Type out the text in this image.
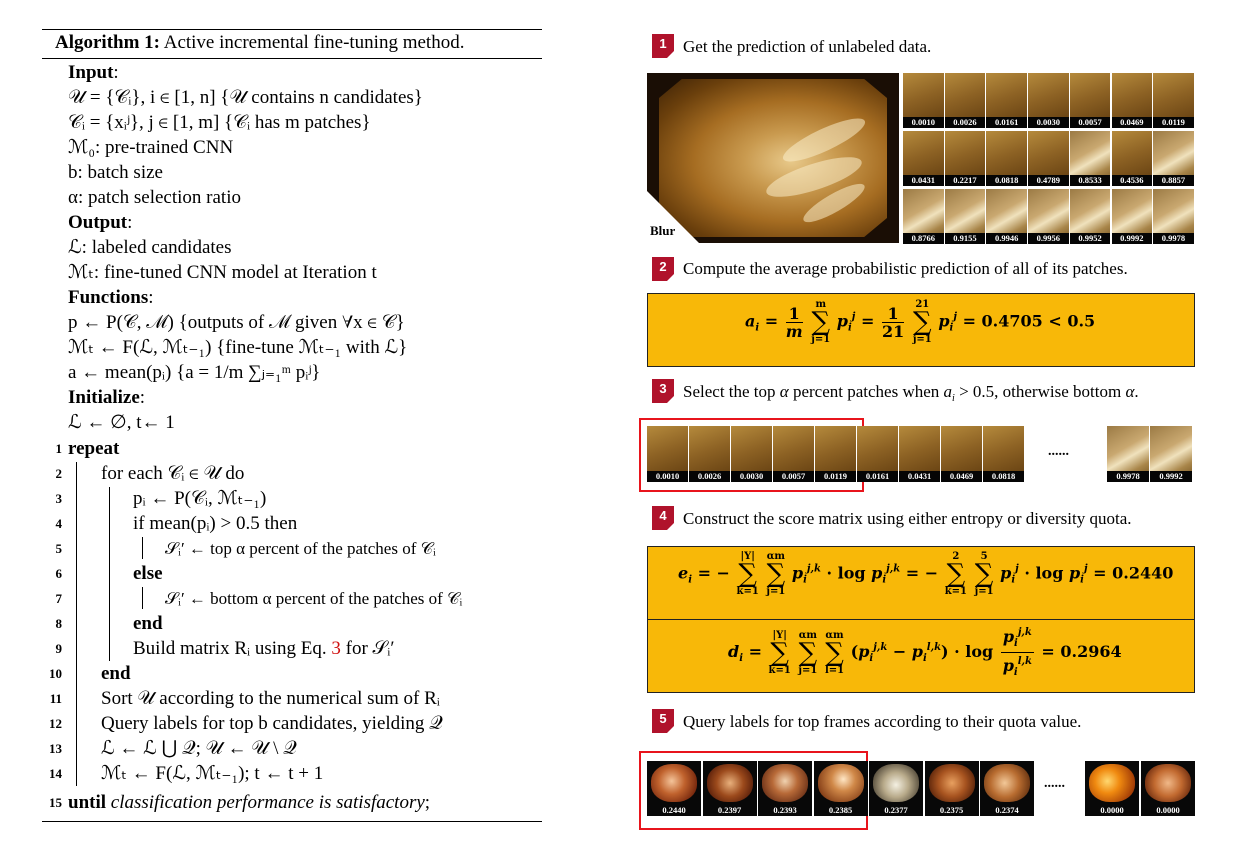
Algorithm 1: Active incremental fine-tuning method.
Input:
𝒰 = {𝒞ᵢ}, i ∈ [1, n] {𝒰 contains n candidates}
𝒞ᵢ = {xᵢʲ}, j ∈ [1, m] {𝒞ᵢ has m patches}
ℳ₀: pre-trained CNN
b: batch size
α: patch selection ratio
Output:
ℒ: labeled candidates
ℳₜ: fine-tuned CNN model at Iteration t
Functions:
p ← P(𝒞, ℳ) {outputs of ℳ given ∀x ∈ 𝒞}
ℳₜ ← F(ℒ, ℳₜ₋₁) {fine-tune ℳₜ₋₁ with ℒ}
a ← mean(pᵢ) {a = 1/m ∑ⱼ₌₁ᵐ pᵢʲ}
Initialize:
ℒ ← ∅, t← 1
1 repeat
2 for each 𝒞ᵢ ∈ 𝒰 do
3	pᵢ ← P(𝒞ᵢ, ℳₜ₋₁)
4	if mean(pᵢ) > 0.5 then
5	𝒮ᵢ′ ← top α percent of the patches of 𝒞ᵢ
6	else
7	𝒮ᵢ′ ← bottom α percent of the patches of 𝒞ᵢ
8	end
9	Build matrix Rᵢ using Eq. 3 for 𝒮ᵢ′
10 end
11 Sort 𝒰 according to the numerical sum of Rᵢ
12 Query labels for top b candidates, yielding 𝒬
13 ℒ ← ℒ ⋃ 𝒬; 𝒰 ← 𝒰 \ 𝒬
14 ℳₜ ← F(ℒ, ℳₜ₋₁); t ← t + 1
15 until classification performance is satisfactory;
1 Get the prediction of unlabeled data.
Blur
0.0010	0.0026	0.0161	0.0030	0.0057	0.0469	0.0119
0.0431	0.2217	0.0818	0.4789	0.8533	0.4536	0.8857
0.8766	0.9155	0.9946	0.9956	0.9952	0.9992	0.9978
2 Compute the average probabilistic prediction of all of its patches.
$a_i = \frac{1}{m}$
	m
∑
j=1
$p_i^j = \frac{1}{21}$
21
∑
j=1
$p_i^j = 0.4705 < 0.5$
3 Select the top α percent patches when $a_i > 0.5$, otherwise bottom α.
......
4 Construct the score matrix using either entropy or diversity quota.
$e_i$ = −
|Y|
∑
k=1

αm
∑
j=1
$p_i^{j,k} \cdot \log p_i^{j,k}$ = −
2
∑
k=1

5
∑
j=1
$p_i^j \cdot \log p_i^j = 0.2440$
$d_i$ =
|Y|
∑
k=1

αm
∑
j=1

αm
∑
l=1
$(p_i^{j,k} - p_i^{l,k}) \cdot \log \frac{p_i^{j,k}}{p_i^{l,k}} = 0.2964$
5 Query labels for top frames according to their quota value.
......
0.0010	0.0026	0.0030	0.0057	0.0119	0.0161	0.0431	0.0469	0.0818	0.9978	0.9992
0.2440	0.2397	0.2393	0.2385	0.2377	0.2375	0.2374	0.0000	0.0000
